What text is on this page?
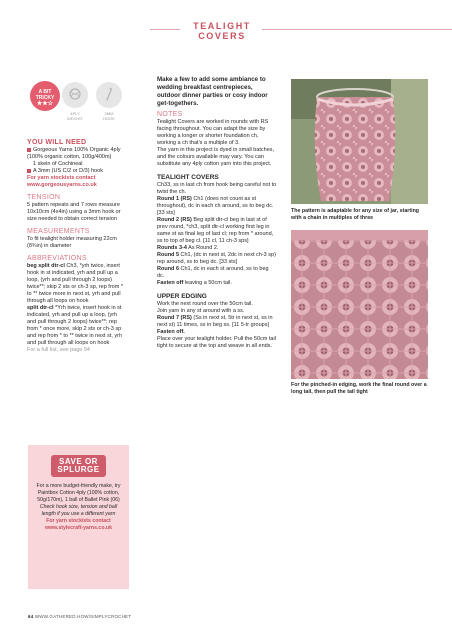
TEALIGHT COVERS
A BIT
TRICKY
★★☆
4PLY
WEIGHT
3MM
HOOK
YOU WILL NEED

Gorgeous Yarns 100% Organic 4ply (100% organic cotton, 100g/400m)

1 skein of Cochineal

A 3mm (US C/2 or D/3) hook

For yarn stockists contact www.gorgeousyarns.co.uk

TENSION

5 pattern repeats and 7 rows measure 10x10cm (4x4in) using a 3mm hook or size needed to obtain correct tension

MEASUREMENTS

To fit tealight holder measuring 22cm (8¾in) in diameter

ABBREVIATIONS

beg split dtr-cl Ch3, *yrh twice, insert hook in st indicated, yrh and pull up a loop, (yrh and pull through 2 loops) twice**; skip 2 sts or ch-3 sp, rep from * to ** twice more in next st, yrh and pull through all loops on hook

split dtr-cl *Yrh twice, insert hook in st indicated, yrh and pull up a loop, (yrh and pull through 2 loops) twice**; rep from * once more, skip 2 sts or ch-3 sp and rep from * to ** twice in next st, yrh and pull through all loops on hook

For a full list, see page 94

Make a few to add some ambiance to wedding breakfast centrepieces, outdoor dinner parties or cosy indoor get-togethers.

NOTES

Tealight Covers are worked in rounds with RS facing throughout. You can adapt the size by working a longer or shorter foundation ch, working a ch that's a multiple of 3.

The yarn in this project is dyed in small batches, and the colours available may vary. You can substitute any 4ply cotton yarn into this project.

TEALIGHT COVERS

Ch33, ss in last ch from hook being careful not to twist the ch.

Round 1 (RS) Ch1 (does not count as st throughout), dc in each ch around, ss to beg dc. [33 sts]

Round 2 (RS) Beg split dtr-cl beg in last st of prev round, *ch3, split dtr-cl working first leg in same st as final leg of last cl; rep from * around, ss to top of beg cl. [11 cl, 11 ch-3 sps]

Rounds 3-4 As Round 2.

Round 5 Ch1, (dc in next st, 2dc in next ch-3 sp) rep around, ss to beg dc. [33 sts]

Round 6 Ch1, dc in each st around, ss to beg dc.

Fasten off leaving a 50cm tail.

UPPER EDGING

Work the next round over the 50cm tail.

Join yarn in any st around with a ss.

Round 7 (RS) (Ss in next st, 5tr in next st, ss in next st) 11 times, ss in beg ss. [11 5-tr groups]

Fasten off.

Place over your tealight holder. Pull the 50cm tail tight to secure at the top and weave in all ends.

The pattern is adaptable for any size of jar, starting with a chain in multiples of three
For the pinched-in edging, work the final round over a long tail, then pull the tail tight
SAVE OR
SPLURGE

For a more budget-friendly make, try Paintbox Cotton 4ply (100% cotton, 50g/170m), 1 ball of Ballet Pink (06)

Check hook size, tension and ball length if you use a different yarn

For yarn stockists contact www.stylecraft-yarns.co.uk

64 WWW.GATHERED.HOW/SIMPLYCROCHET
